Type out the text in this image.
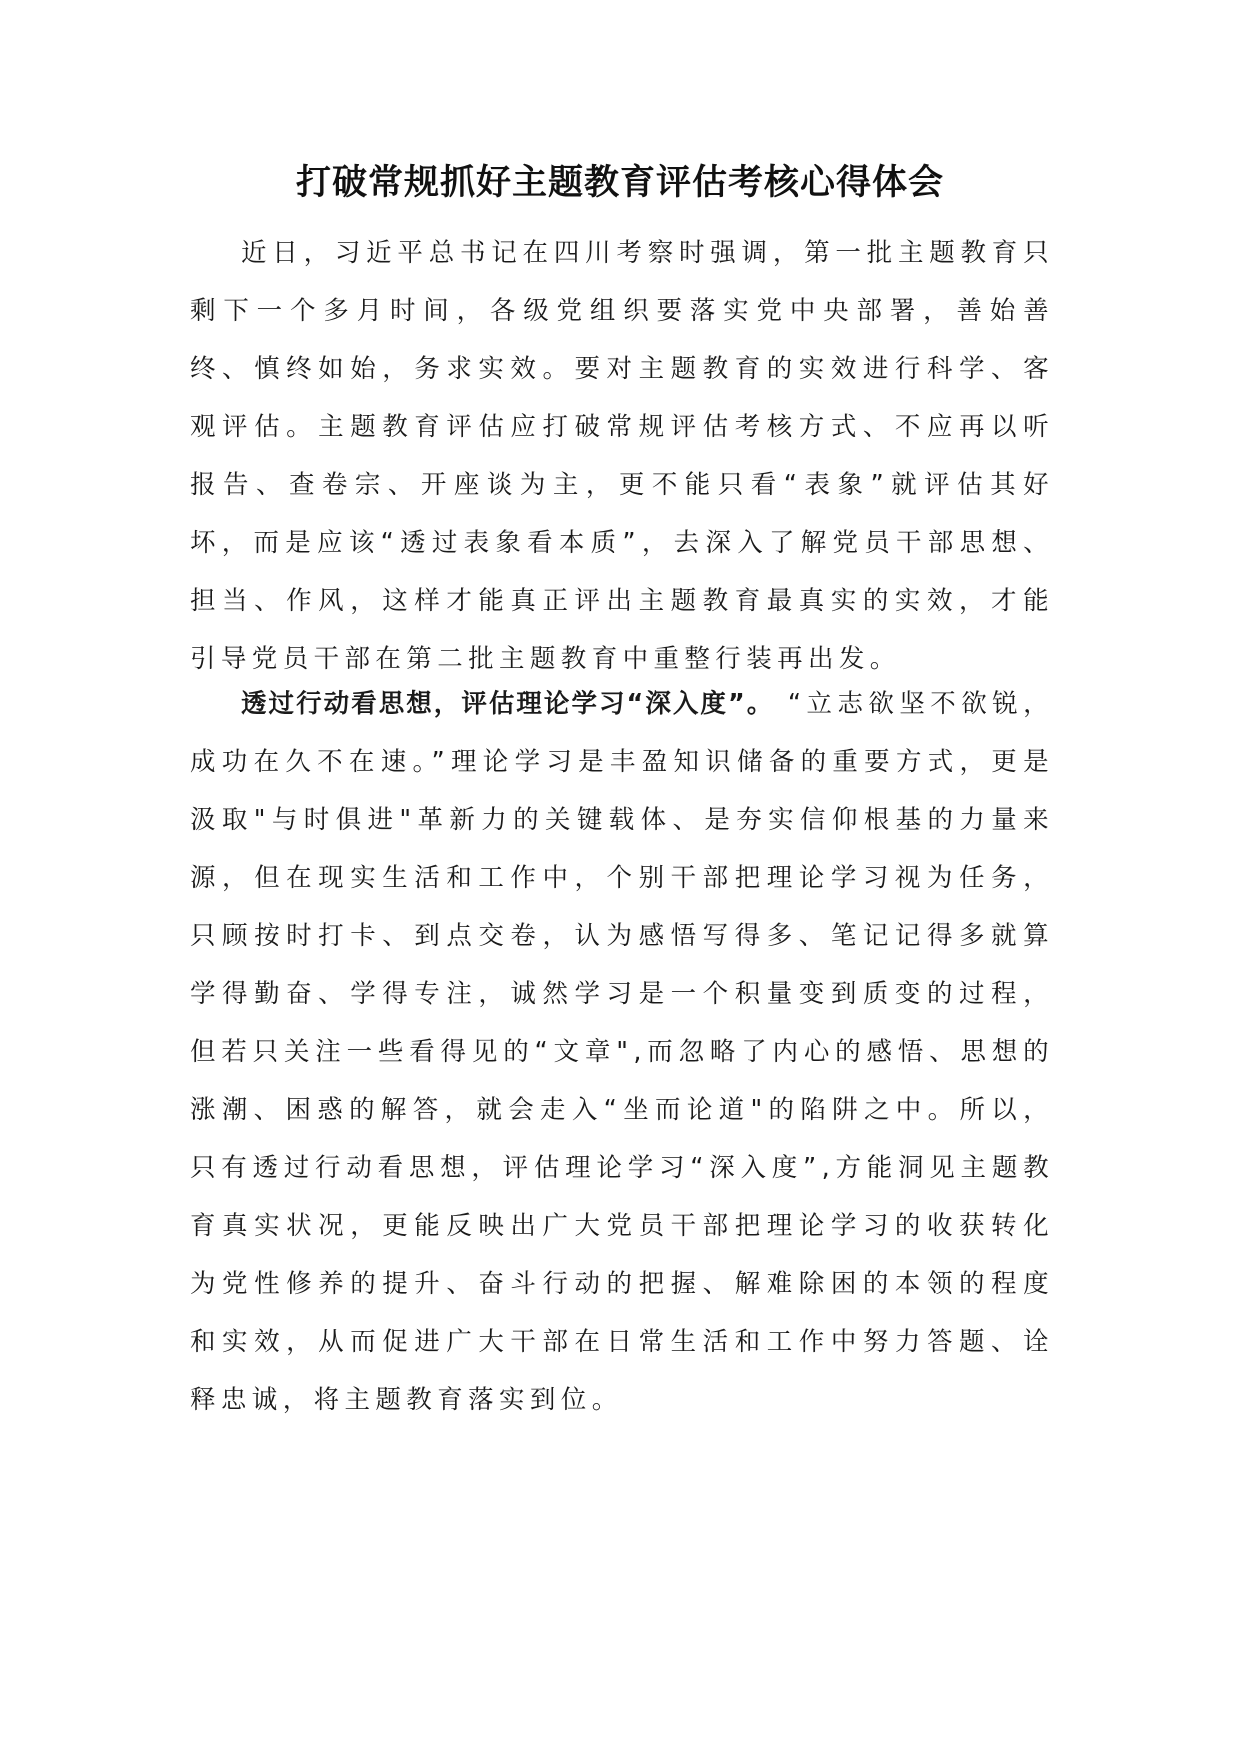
打破常规抓好主题教育评估考核心得体会

近日，习近平总书记在四川考察时强调，第一批主题教育只剩下一个多月时间，各级党组织要落实党中央部署，善始善终、慎终如始，务求实效。要对主题教育的实效进行科学、客观评估。主题教育评估应打破常规评估考核方式、不应再以听报告、查卷宗、开座谈为主，更不能只看“表象”就评估其好坏，而是应该“透过表象看本质”，去深入了解党员干部思想、担当、作风，这样才能真正评出主题教育最真实的实效，才能引导党员干部在第二批主题教育中重整行装再出发。

透过行动看思想，评估理论学习“深入度”。 “立志欲坚不欲锐，成功在久不在速。”理论学习是丰盈知识储备的重要方式，更是汲取"与时俱进"革新力的关键载体、是夯实信仰根基的力量来源，但在现实生活和工作中，个别干部把理论学习视为任务，只顾按时打卡、到点交卷，认为感悟写得多、笔记记得多就算学得勤奋、学得专注，诚然学习是一个积量变到质变的过程，但若只关注一些看得见的“文章",而忽略了内心的感悟、思想的涨潮、困惑的解答，就会走入“坐而论道"的陷阱之中。所以，只有透过行动看思想，评估理论学习“深入度”,方能洞见主题教育真实状况，更能反映出广大党员干部把理论学习的收获转化为党性修养的提升、奋斗行动的把握、解难除困的本领的程度和实效，从而促进广大干部在日常生活和工作中努力答题、诠释忠诚，将主题教育落实到位。
